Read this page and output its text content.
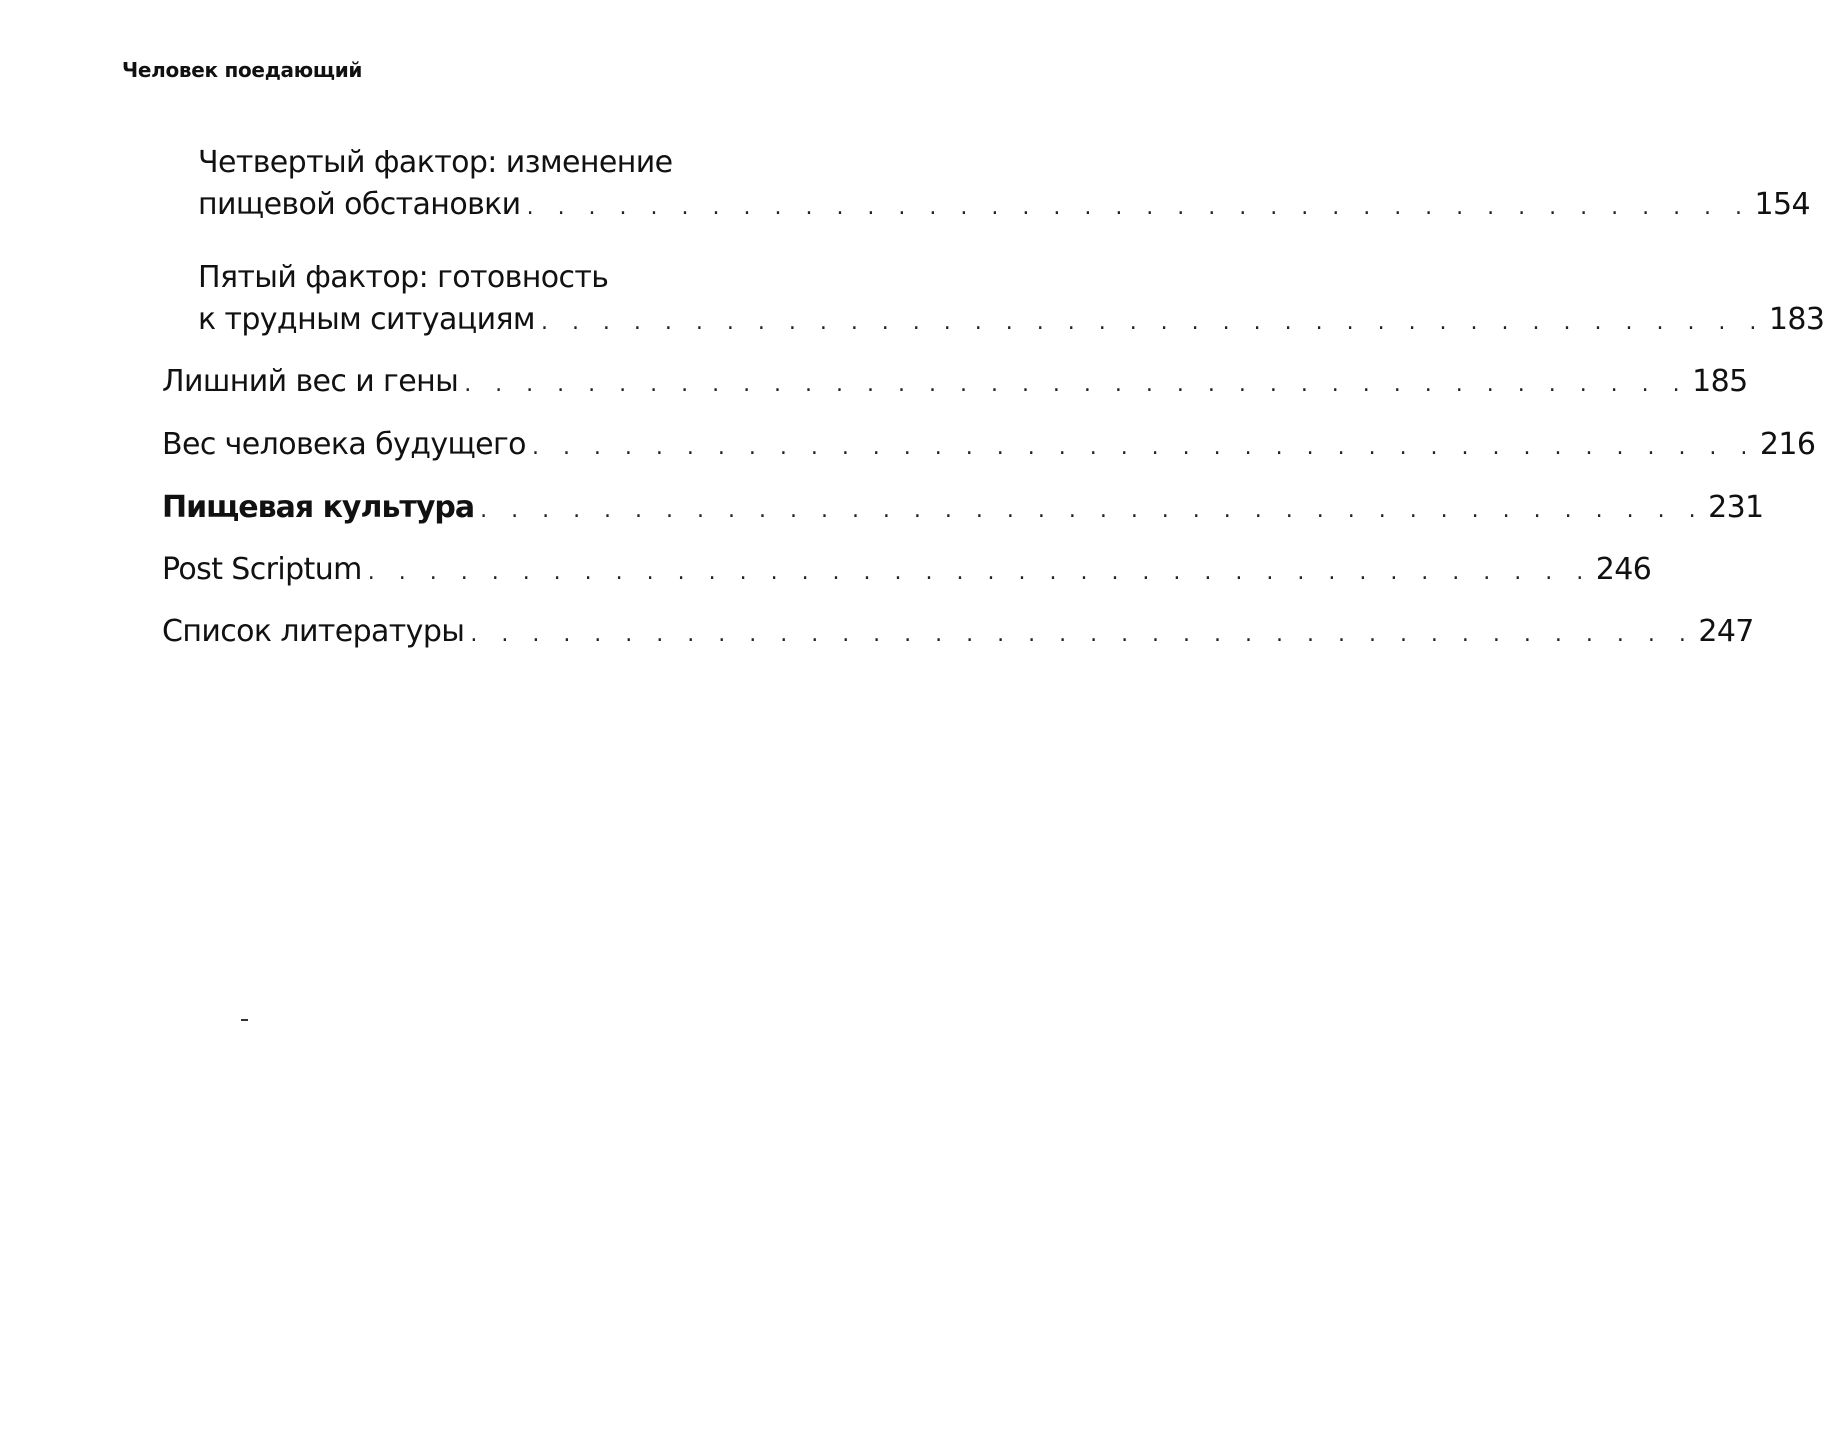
Человек поедающий
Четвертый фактор: изменение
пищевой обстановки . . . . . . . . . . . . . . . . . . . . . . . . . . . . . . . . . . . . . . . . 154
Пятый фактор: готовность
к трудным ситуациям . . . . . . . . . . . . . . . . . . . . . . . . . . . . . . . . . . . . . . . . 183
Лишний вес и гены . . . . . . . . . . . . . . . . . . . . . . . . . . . . . . . . . . . . . . . . 185
Вес человека будущего . . . . . . . . . . . . . . . . . . . . . . . . . . . . . . . . . . . . . . . . 216
Пищевая культура . . . . . . . . . . . . . . . . . . . . . . . . . . . . . . . . . . . . . . . . 231
Post Scriptum . . . . . . . . . . . . . . . . . . . . . . . . . . . . . . . . . . . . . . . . 246
Список литературы . . . . . . . . . . . . . . . . . . . . . . . . . . . . . . . . . . . . . . . . 247
